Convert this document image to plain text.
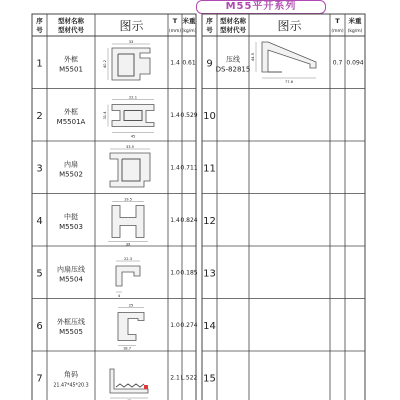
M55平开系列
序
号
型材名称
型材代号	图示	T
(mm)
米重
(kg/m)
序
号
型材名称
型材代号	图示	T
(mm)
米重
(kg/m)
1	外框
M5501
1.4 0.61
2	外框
M5501A
1.4 0.529
3	内扇
M5502
1.4 0.711
4	中挺
M5503
1.4 0.824
5 内扇压线
M5504
1.0 0.185
6 外框压线
M5505
1.0 0.274
7	角码
21.47*45*20.3
2.1 L.522
9 压线
DS-82815
0.7 0.094
10
11
12
13
14
15
33
40.2
22.1
31.4
45
33.5
19.5
39
22.3
4
25
18.7
44.5
77.6
